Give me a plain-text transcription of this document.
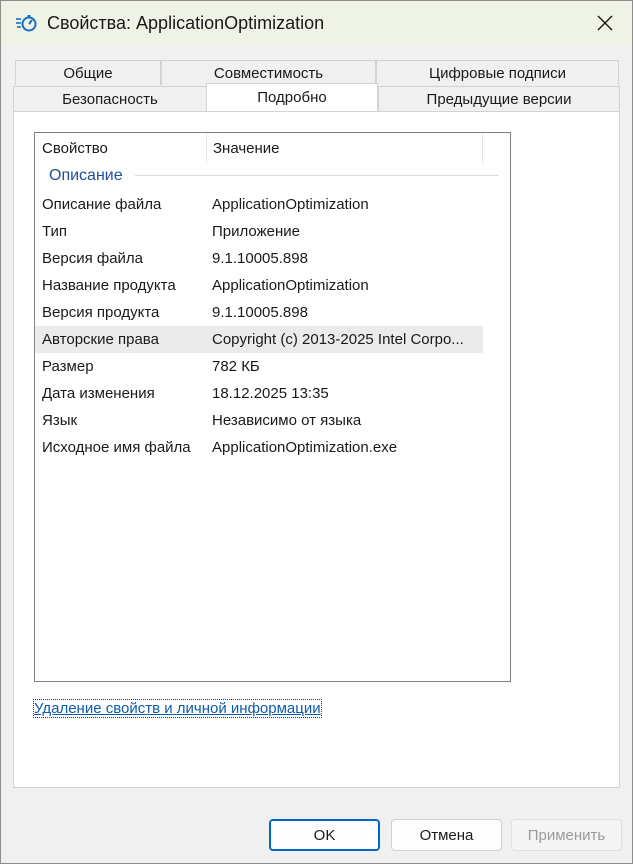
Свойства: ApplicationOptimization
Общие	Совместимость	Цифровые подписи
Безопасность	Подробно	Предыдущие версии
Свойство	Значение
Описание
Описание файла	ApplicationOptimization
Тип	Приложение
Версия файла	9.1.10005.898
Название продукта	ApplicationOptimization
Версия продукта	9.1.10005.898
Авторские права	Copyright (c) 2013-2025 Intel Corpo...
Размер	782 КБ
Дата изменения	18.12.2025 13:35
Язык	Независимо от языка
Исходное имя файла	ApplicationOptimization.exe
Удаление свойств и личной информации
OK	Отмена	Применить
